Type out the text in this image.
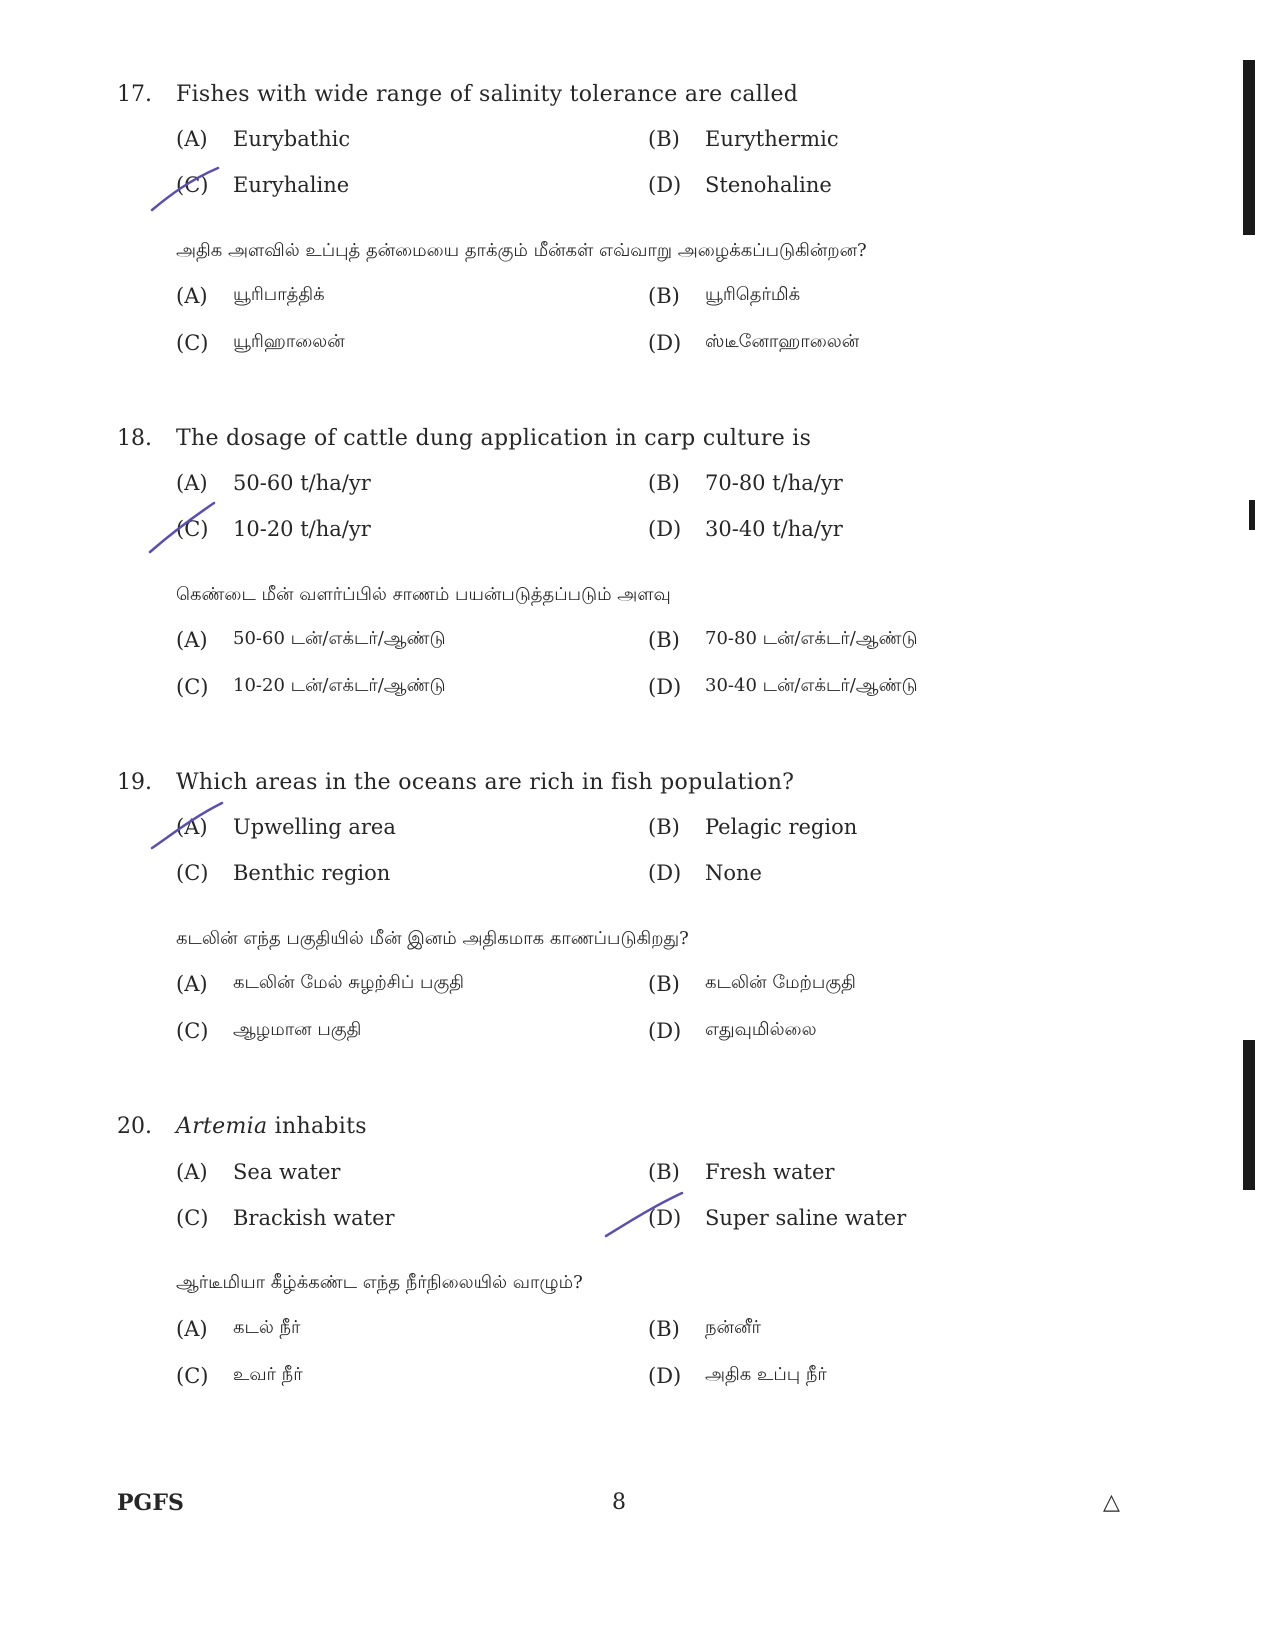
17. Fishes with wide range of salinity tolerance are called
(A) Eurybathic	(B) Eurythermic
(C) Euryhaline	(D) Stenohaline
அதிக அளவில் உப்புத் தன்மையை தாக்கும் மீன்கள் எவ்வாறு அழைக்கப்படுகின்றன?
(A) யூரிபாத்திக்	(B) யூரிதெர்மிக்
(C) யூரிஹாலைன்	(D) ஸ்டீனோஹாலைன்
18. The dosage of cattle dung application in carp culture is
(A) 50-60 t/ha/yr	(B) 70-80 t/ha/yr
(C) 10-20 t/ha/yr	(D) 30-40 t/ha/yr
கெண்டை மீன் வளர்ப்பில் சாணம் பயன்படுத்தப்படும் அளவு
(A) 50-60 டன்/எக்டர்/ஆண்டு	(B) 70-80 டன்/எக்டர்/ஆண்டு
(C) 10-20 டன்/எக்டர்/ஆண்டு	(D) 30-40 டன்/எக்டர்/ஆண்டு
19. Which areas in the oceans are rich in fish population?
(A) Upwelling area	(B) Pelagic region
(C) Benthic region	(D) None
கடலின் எந்த பகுதியில் மீன் இனம் அதிகமாக காணப்படுகிறது?
(A) கடலின் மேல் சுழற்சிப் பகுதி	(B) கடலின் மேற்பகுதி
(C) ஆழமான பகுதி	(D) எதுவுமில்லை
20. Artemia inhabits
(A) Sea water	(B) Fresh water
(C) Brackish water	(D) Super saline water
ஆர்டீமியா கீழ்க்கண்ட எந்த நீர்நிலையில் வாழும்?
(A) கடல் நீர்	(B) நன்னீர்
(C) உவர் நீர்	(D) அதிக உப்பு நீர்
PGFS	8	△
